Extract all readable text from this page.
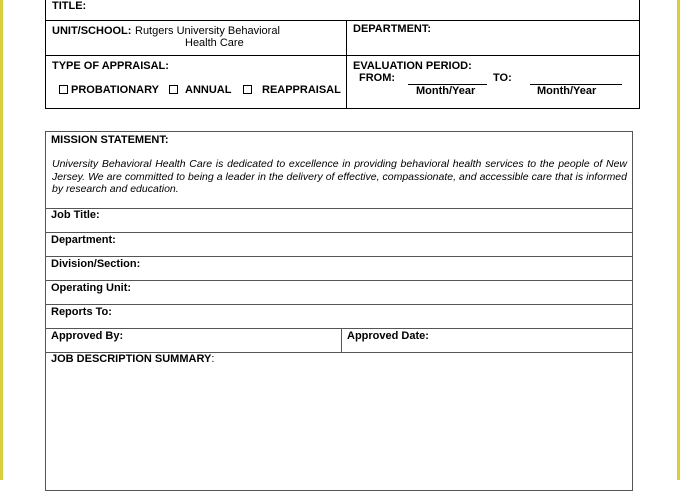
TITLE:
UNIT/SCHOOL: Rutgers University Behavioral
Health Care
DEPARTMENT:
TYPE OF APPRAISAL:
PROBATIONARY	ANNUAL	REAPPRAISAL
EVALUATION PERIOD:
FROM:
Month/Year
TO:
Month/Year
MISSION STATEMENT:
University Behavioral Health Care is dedicated to excellence in providing behavioral health services to the people of New Jersey. We are committed to being a leader in the delivery of effective, compassionate, and accessible care that is informed by research and education.
Job Title:
Department:
Division/Section:
Operating Unit:
Reports To:
Approved By:	Approved Date:
JOB DESCRIPTION SUMMARY:
